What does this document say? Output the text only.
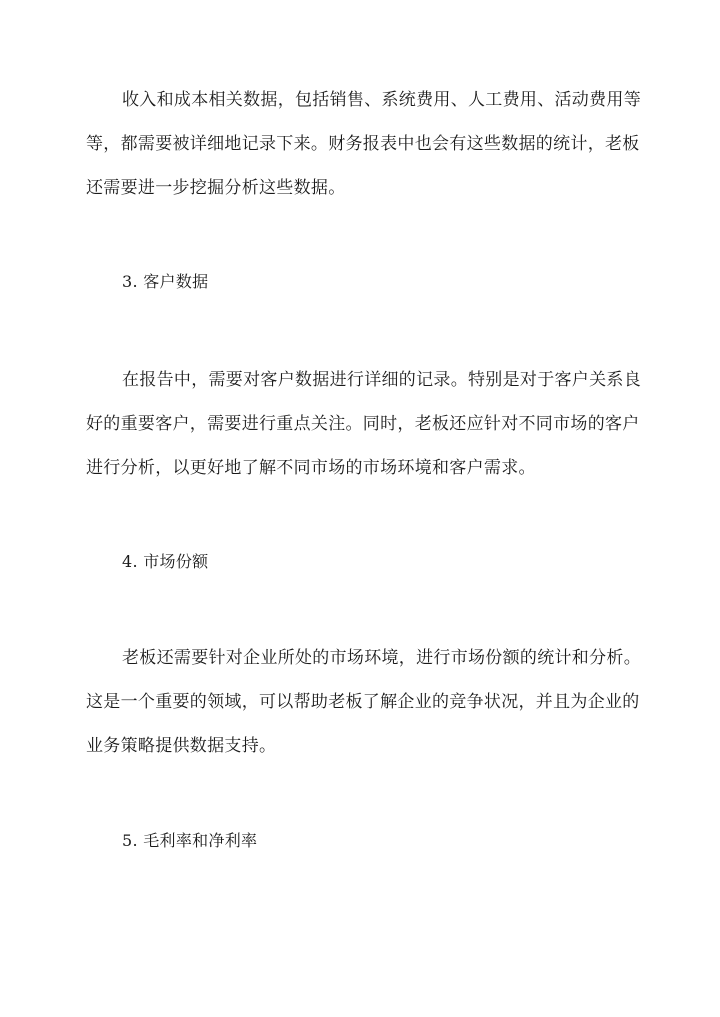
收入和成本相关数据，包括销售、系统费用、人工费用、活动费用等
等，都需要被详细地记录下来。财务报表中也会有这些数据的统计，老板
还需要进一步挖掘分析这些数据。
3. 客户数据
在报告中，需要对客户数据进行详细的记录。特别是对于客户关系良
好的重要客户，需要进行重点关注。同时，老板还应针对不同市场的客户
进行分析，以更好地了解不同市场的市场环境和客户需求。
4. 市场份额
老板还需要针对企业所处的市场环境，进行市场份额的统计和分析。
这是一个重要的领域，可以帮助老板了解企业的竞争状况，并且为企业的
业务策略提供数据支持。
5. 毛利率和净利率
